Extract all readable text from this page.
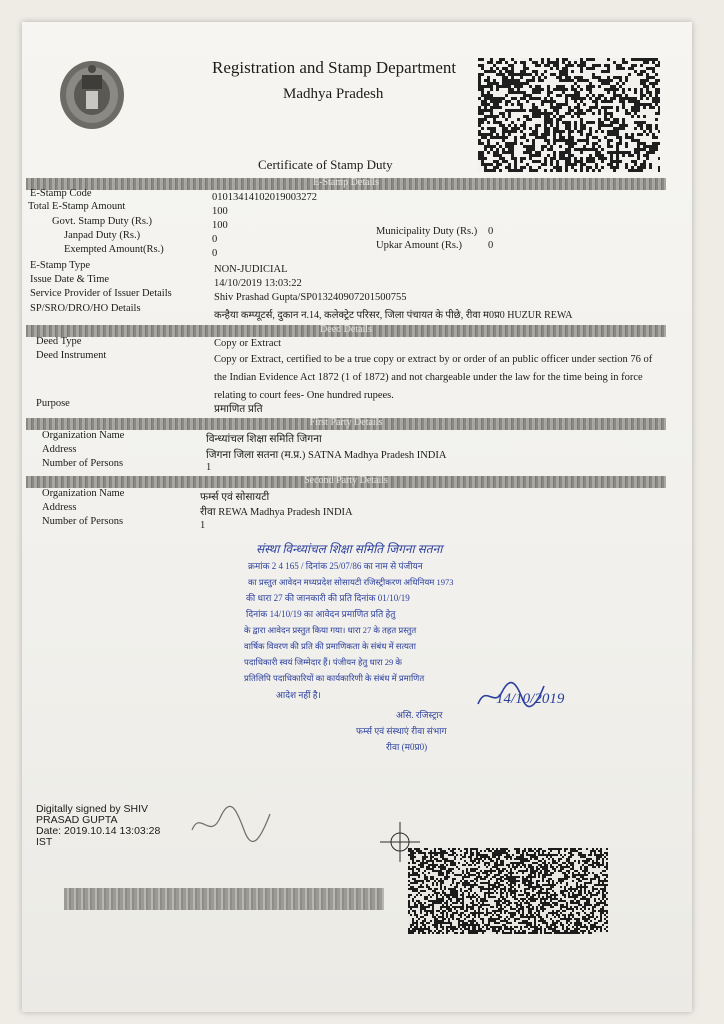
Registration and Stamp Department
Madhya Pradesh
Certificate of Stamp Duty
E-Stamp Details
Deed Details
First Party Details
Second Party Details
E-Stamp Code	01013414102019003272
Total E-Stamp Amount	100
Govt. Stamp Duty (Rs.)	100
Janpad Duty (Rs.)	0
Exempted Amount(Rs.)	0
Municipality Duty (Rs.) 0
Upkar Amount (Rs.) 0
E-Stamp Type	NON-JUDICIAL
Issue Date & Time	14/10/2019 13:03:22
Service Provider of Issuer Details	Shiv Prashad Gupta/SP013240907201500755
SP/SRO/DRO/HO Details
कन्हैया कम्प्यूटर्स, दुकान न.14, कलेक्ट्रेट परिसर, जिला पंचायत के पीछे, रीवा म0प्र0 HUZUR REWA
Deed Type	Copy or Extract
Deed Instrument	Copy or Extract, certified to be a true copy or extract by or order of an public officer under section 76 of the Indian Evidence Act 1872 (1 of 1872) and not chargeable under the law for the time being in force relating to court fees- One hundred rupees.
Purpose
प्रमाणित प्रति
Organization Name	विन्ध्यांचल शिक्षा समिति जिगना
Address
जिगना जिला सतना (म.प्र.) SATNA Madhya Pradesh INDIA
Number of Persons	1
Organization Name	फर्म्स एवं सोसायटी
Address	रीवा REWA Madhya Pradesh INDIA
Number of Persons	1
संस्था विन्ध्यांचल शिक्षा समिति जिगना सतना
क्रमांक 2 4 165 / दिनांक 25/07/86 का नाम से पंजीयन
का प्रस्तुत आवेदन मध्यप्रदेश सोसायटी रजिस्ट्रीकरण अधिनियम 1973
की धारा 27 की जानकारी की प्रति दिनांक 01/10/19
दिनांक 14/10/19 का आवेदन प्रमाणित प्रति हेतु
के द्वारा आवेदन प्रस्तुत किया गया। धारा 27 के तहत प्रस्तुत
वार्षिक विवरण की प्रति की प्रमाणिकता के संबंध में सत्यता
पदाधिकारी स्वयं जिम्मेदार हैं। पंजीयन हेतु धारा 29 के
प्रतिलिपि पदाधिकारियों का कार्यकारिणी के संबंध में प्रमाणित
आदेश नहीं है।	14/10/2019
असि. रजिस्ट्रार
फर्म्स एवं संस्थाएं रीवा संभाग
रीवा (म0प्र0)
Digitally signed by SHIV
PRASAD GUPTA
Date: 2019.10.14 13:03:28
IST
